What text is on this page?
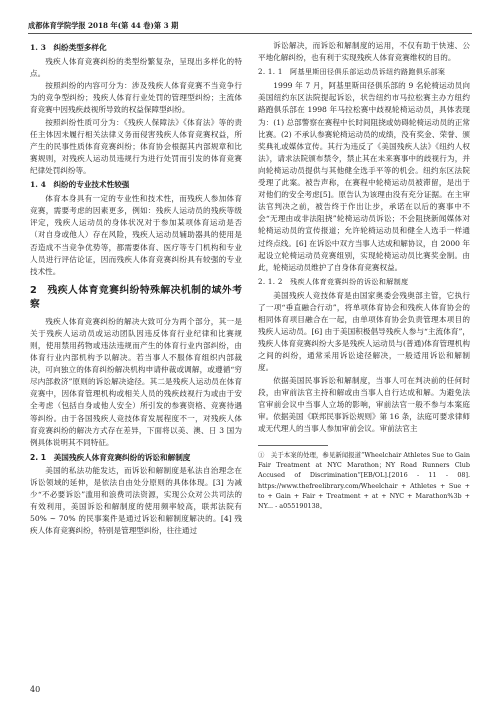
成都体育学院学报 2018 年(第 44 卷)第 3 期

1. 3　纠纷类型多样化

残疾人体育竞赛纠纷的类型纷繁复杂，呈现出多样化的特点。

按照纠纷的内容可分为：涉及残疾人体育竞赛不当竞争行为的竞争型纠纷；残疾人体育行业处罚的管理型纠纷；主流体育竞赛中因残疾歧视所导致的权益保障型纠纷。

按照纠纷性质可分为：《残疾人保障法》《体育法》等的责任主体因未履行相关法律义务而侵害残疾人体育竞赛权益，所产生的民事性质体育竞赛纠纷；体育协会根据其内部规章和比赛规则，对残疾人运动员违规行为进行处罚而引发的体育竞赛纪律处罚纠纷等。

1. 4　纠纷的专业技术性较强

体育本身具有一定的专业性和技术性，而残疾人参加体育竞赛，需要考虑的因素更多，例如：残疾人运动员的残疾等级评定，残疾人运动员的身体状况对于参加某项体育运动是否（对自身或他人）存在风险，残疾人运动员辅助器具的使用是否造成不当竞争优势等，都需要体育、医疗等专门机构和专业人员进行评估论证，因而残疾人体育竞赛纠纷具有较强的专业技术性。

2　残疾人体育竞赛纠纷特殊解决机制的域外考察

残疾人体育竞赛纠纷的解决大致可分为两个部分，其一是关于残疾人运动员或运动团队因违反体育行业纪律和比赛规则，使用禁用药物或违法违规而产生的体育行业内部纠纷，由体育行业内部机构予以解决。若当事人不服体育组织内部裁决，可向独立的体育纠纷解决机构申请仲裁或调解，或遵循“穷尽内部救济”原则的诉讼解决途径。其二是残疾人运动员在体育竞赛中，因体育管理机构或相关人员的残疾歧视行为或由于安全考虑（包括自身或他人安全）所引发的参赛资格、竞赛待遇等纠纷。由于各国残疾人竞技体育发展程度不一，对残疾人体育竞赛纠纷的解决方式存在差异，下面将以美、澳、日 3 国为例具体说明其不同特征。

2. 1　美国残疾人体育竞赛纠纷的诉讼和解制度

美国的私法功能发达，而诉讼和解制度是私法自治理念在诉讼领域的延伸，是依法自由处分原则的具体体现。[3] 为减少“不必要诉讼”滥用和浪费司法资源，实现公众对公共司法的有效利用，美国诉讼和解制度的使用频率较高，联邦法院有 50% ~ 70% 的民事案件是通过诉讼和解制度解决的。[4] 残疾人体育竞赛纠纷，特别是管理型纠纷，往往通过

诉讼解决，而诉讼和解制度的运用，不仅有助于快速、公平地化解纠纷，也有利于实现残疾人体育竞赛维权的目的。

2. 1. 1　阿基里斯田径俱乐部运动员诉纽约路跑俱乐部案

1999 年 7 月，阿基里斯田径俱乐部的 9 名轮椅运动员向美国纽约东区法院提起诉讼，状告纽约市马拉松赛主办方纽约路跑俱乐部在 1998 年马拉松赛中歧视轮椅运动员，具体表现为：(1) 总部警察在赛程中长时间阻挠或妨碍轮椅运动员的正常比赛。(2) 不承认参赛轮椅运动员的成绩，没有奖金、荣誉、颁奖典礼或媒体宣传。其行为违反了《美国残疾人法》《纽约人权法》，请求法院颁布禁令，禁止其在未来赛事中的歧视行为，并向轮椅运动员提供与其他健全选手平等的机会。纽约东区法院受理了此案。被告声称，在赛程中轮椅运动员被滞留，是出于对他们的安全考虑[5]。原告认为该理由没有充分证据。在主审法官判决之前，被告终于作出让步，承诺在以后的赛事中不会“无理由或非法阻挠”轮椅运动员诉讼；不会阻挠新闻媒体对轮椅运动员的宣传报道；允许轮椅运动员和健全人选手一样通过终点线。[6] 在诉讼中双方当事人达成和解协议，自 2000 年起设立轮椅运动员竞赛组别，实现轮椅运动员比赛奖金制。由此，轮椅运动员维护了自身体育竞赛权益。

2. 1. 2　残疾人体育竞赛纠纷的诉讼和解制度

美国残疾人竞技体育是由国家奥委会残奥部主管，它执行了一项“垂直融合行动”，将单项体育协会和残疾人体育协会的相同体育项目融合在一起，由单项体育协会负责管理本项目的残疾人运动员。[6] 由于美国积极倡导残疾人参与“主流体育”，残疾人体育竞赛纠纷大多是残疾人运动员与(普通)体育管理机构之间的纠纷，通常采用诉讼途径解决，一般适用诉讼和解制度。

依据美国民事诉讼和解制度，当事人可在判决前的任何时段，由审前法官主持和解或由当事人自行达成和解。为避免法官审前会议中当事人立场的影响，审前法官一般不参与本案庭审。依据美国《联邦民事诉讼规则》第 16 条，法庭可要求律师或无代理人的当事人参加审前会议。审前法官主

①　关于本案的处理，参见新闻报道“Wheelchair Athletes Sue to Gain Fair Treatment at NYC Marathon；NY Road Runners Club Accused of Discrimination”[EB/OL].[2016 - 11 - 08]. https://www.thefreelibrary.com/Wheelchair + Athletes + Sue + to + Gain + Fair + Treatment + at + NYC + Marathon%3b + NY... - a055190138。

40
